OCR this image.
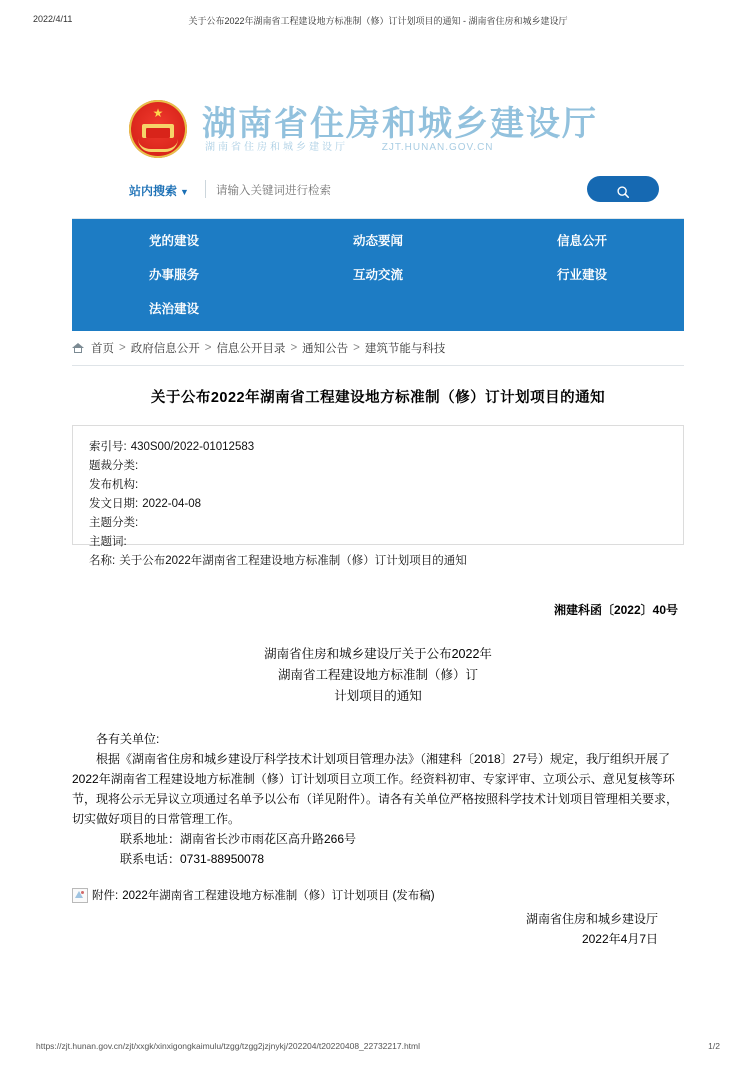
2022/4/11	关于公布2022年湖南省工程建设地方标准制（修）订计划项目的通知 - 湖南省住房和城乡建设厅
★ 湖南省住房和城乡建设厅
湖南省住房和城乡建设厅	ZJT.HUNAN.GOV.CN
站内搜索 ▼
请输入关键词进行检索
党的建设	动态要闻	信息公开
办事服务	互动交流	行业建设
法治建设
首页 > 政府信息公开 > 信息公开目录 > 通知公告 > 建筑节能与科技
关于公布2022年湖南省工程建设地方标准制（修）订计划项目的通知
索引号: 430S00/2022-01012583
题裁分类:
发布机构:
发文日期: 2022-04-08
主题分类:
主题词:
名称: 关于公布2022年湖南省工程建设地方标准制（修）订计划项目的通知
湘建科函〔2022〕40号
湖南省住房和城乡建设厅关于公布2022年
湖南省工程建设地方标准制（修）订
计划项目的通知

各有关单位:

根据《湖南省住房和城乡建设厅科学技术计划项目管理办法》（湘建科〔2018〕27号）规定，我厅组织开展了2022年湖南省工程建设地方标准制（修）订计划项目立项工作。经资料初审、专家评审、立项公示、意见复核等环节，现将公示无异议立项通过名单予以公布（详见附件）。请各有关单位严格按照科学技术计划项目管理相关要求，切实做好项目的日常管理工作。

联系地址：湖南省长沙市雨花区高升路266号

联系电话：0731-88950078

附件: 2022年湖南省工程建设地方标准制（修）订计划项目 (发布稿)
湖南省住房和城乡建设厅
2022年4月7日
https://zjt.hunan.gov.cn/zjt/xxgk/xinxigongkaimulu/tzgg/tzgg2jzjnykj/202204/t20220408_22732217.html	1/2
